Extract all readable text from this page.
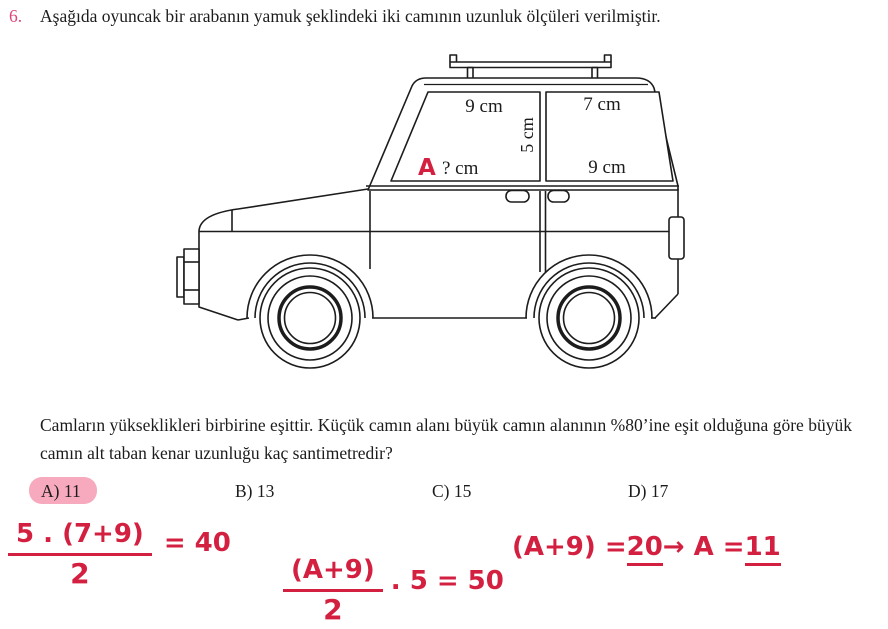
6. Aşağıda oyuncak bir arabanın yamuk şeklindeki iki camının uzunluk ölçüleri verilmiştir.
9 cm	7 cm
5 cm
A ? cm	9 cm
Camların yükseklikleri birbirine eşittir. Küçük camın alanı büyük camın alanının %80’ine eşit olduğuna göre büyük camın alt taban kenar uzunluğu kaç santimetredir?
A) 11	B) 13	C) 15	D) 17
$\frac{5 . (7+9)}{2} = 40$
$\frac{(A+9)}{2}$ . 5 = 50
(A+9) = 20 → A = 11
